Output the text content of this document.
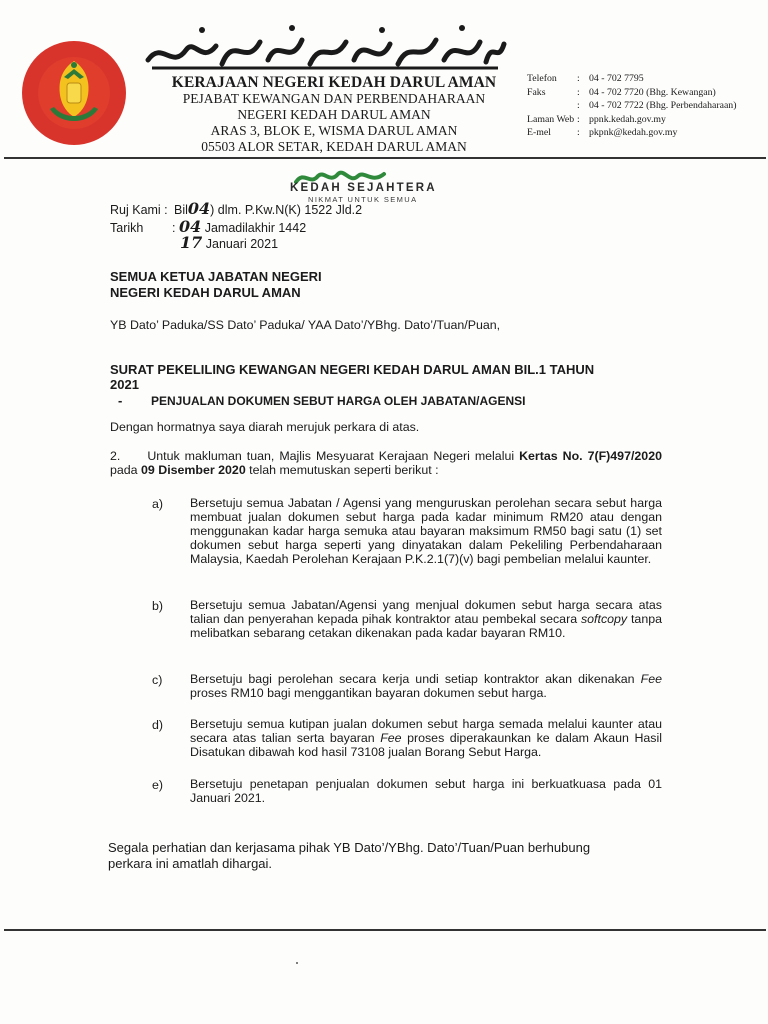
كرجاءن نڬري قدح دارالامان
KERAJAAN NEGERI KEDAH DARUL AMAN
PEJABAT KEWANGAN DAN PERBENDAHARAAN
NEGERI KEDAH DARUL AMAN
ARAS 3, BLOK E, WISMA DARUL AMAN
05503 ALOR SETAR, KEDAH DARUL AMAN
Telefon	: 04 - 702 7795
Faks	: 04 - 702 7720 (Bhg. Kewangan)
: 04 - 702 7722 (Bhg. Perbendaharaan)
Laman Web : ppnk.kedah.gov.my
E-mel	: pkpnk@kedah.gov.my
KEDAH SEJAHTERA
NIKMAT UNTUK SEMUA
Ruj Kami : Bil04) dlm. P.Kw.N(K) 1522 Jld.2
Tarikh : 04 Jamadilakhir 1442
17 Januari 2021
SEMUA KETUA JABATAN NEGERI
NEGERI KEDAH DARUL AMAN
YB Dato’ Paduka/SS Dato’ Paduka/ YAA Dato’/YBhg. Dato’/Tuan/Puan,
SURAT PEKELILING KEWANGAN NEGERI KEDAH DARUL AMAN BIL.1 TAHUN
2021
- PENJUALAN DOKUMEN SEBUT HARGA OLEH JABATAN/AGENSI
Dengan hormatnya saya diarah merujuk perkara di atas.
2. Untuk makluman tuan, Majlis Mesyuarat Kerajaan Negeri melalui Kertas No. 7(F)497/2020 pada 09 Disember 2020 telah memutuskan seperti berikut :
a) Bersetuju semua Jabatan / Agensi yang menguruskan perolehan secara sebut harga membuat jualan dokumen sebut harga pada kadar minimum RM20 atau dengan menggunakan kadar harga semuka atau bayaran maksimum RM50 bagi satu (1) set dokumen sebut harga seperti yang dinyatakan dalam Pekeliling Perbendaharaan Malaysia, Kaedah Perolehan Kerajaan P.K.2.1(7)(v) bagi pembelian melalui kaunter.
b) Bersetuju semua Jabatan/Agensi yang menjual dokumen sebut harga secara atas talian dan penyerahan kepada pihak kontraktor atau pembekal secara softcopy tanpa melibatkan sebarang cetakan dikenakan pada kadar bayaran RM10.
c) Bersetuju bagi perolehan secara kerja undi setiap kontraktor akan dikenakan Fee proses RM10 bagi menggantikan bayaran dokumen sebut harga.
d) Bersetuju semua kutipan jualan dokumen sebut harga semada melalui kaunter atau secara atas talian serta bayaran Fee proses diperakaunkan ke dalam Akaun Hasil Disatukan dibawah kod hasil 73108 jualan Borang Sebut Harga.
e) Bersetuju penetapan penjualan dokumen sebut harga ini berkuatkuasa pada 01 Januari 2021.
Segala perhatian dan kerjasama pihak YB Dato’/YBhg. Dato’/Tuan/Puan berhubung
perkara ini amatlah dihargai.
